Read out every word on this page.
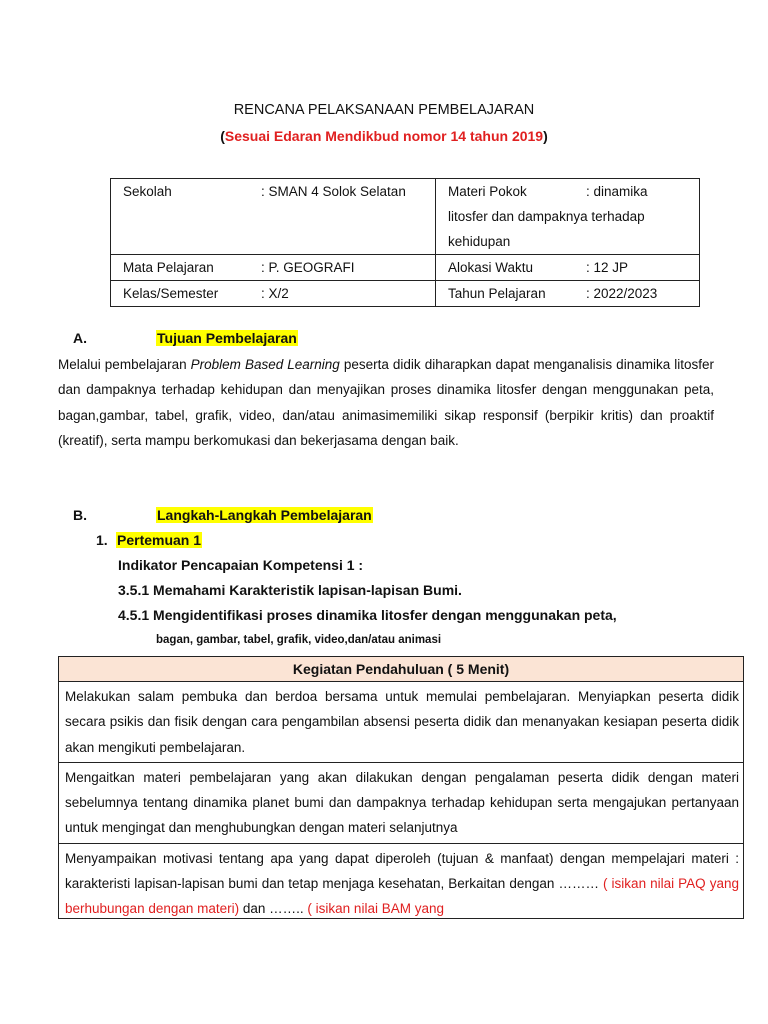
RENCANA PELAKSANAAN PEMBELAJARAN
(Sesuai Edaran Mendikbud nomor 14 tahun 2019)
Sekolah : SMAN 4 Solok Selatan	Materi Pokok : dinamika
litosfer dan dampaknya terhadap
kehidupan
Mata Pelajaran : P. GEOGRAFI	Alokasi Waktu : 12 JP
Kelas/Semester : X/2	Tahun Pelajaran : 2022/2023
A.	Tujuan Pembelajaran
Melalui pembelajaran Problem Based Learning peserta didik diharapkan dapat menganalisis dinamika litosfer dan dampaknya terhadap kehidupan dan menyajikan proses dinamika litosfer dengan menggunakan peta, bagan,gambar, tabel, grafik, video, dan/atau animasimemiliki sikap responsif (berpikir kritis) dan proaktif (kreatif), serta mampu berkomukasi dan bekerjasama dengan baik.
B.	Langkah-Langkah Pembelajaran
1. Pertemuan 1
Indikator Pencapaian Kompetensi 1 :
3.5.1 Memahami Karakteristik lapisan-lapisan Bumi.
4.5.1 Mengidentifikasi proses dinamika litosfer dengan menggunakan peta,
bagan, gambar, tabel, grafik, video,dan/atau animasi
Kegiatan Pendahuluan ( 5 Menit)
Melakukan salam pembuka dan berdoa bersama untuk memulai pembelajaran. Menyiapkan peserta didik secara psikis dan fisik dengan cara pengambilan absensi peserta didik dan menanyakan kesiapan peserta didik akan mengikuti pembelajaran.
Mengaitkan materi pembelajaran yang akan dilakukan dengan pengalaman peserta didik dengan materi sebelumnya tentang dinamika planet bumi dan dampaknya terhadap kehidupan serta mengajukan pertanyaan untuk mengingat dan menghubungkan dengan materi selanjutnya

Menyampaikan motivasi tentang apa yang dapat diperoleh (tujuan & manfaat) dengan mempelajari materi : karakteristi lapisan-lapisan bumi dan tetap menjaga kesehatan, Berkaitan dengan ……… ( isikan nilai PAQ yang berhubungan dengan materi) dan …….. ( isikan nilai BAM yang
